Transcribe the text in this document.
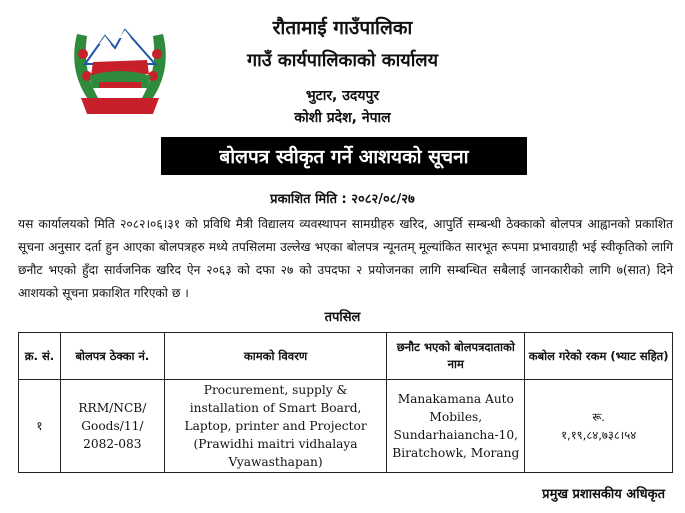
रौतामाई गाउँपालिका
गाउँ कार्यपालिकाको कार्यालय
भुटार, उदयपुर
कोशी प्रदेश, नेपाल
बोलपत्र स्वीकृत गर्ने आशयको सूचना
प्रकाशित मिति : २०८२/०८/२७
यस कार्यालयको मिति २०८२।०६।३१ को प्रविधि मैत्री विद्यालय व्यवस्थापन सामग्रीहरु खरिद, आपुर्ति सम्बन्धी ठेक्काको बोलपत्र आह्वानको प्रकाशित सूचना अनुसार दर्ता हुन आएका बोलपत्रहरु मध्ये तपसिलमा उल्लेख भएका बोलपत्र न्यूनतम् मूल्यांकित सारभूत रूपमा प्रभावग्राही भई स्वीकृतिको लागि छनौट भएको हुँदा सार्वजनिक खरिद ऐन २०६३ को दफा २७ को उपदफा २ प्रयोजनका लागि सम्बन्धित सबैलाई जानकारीको लागि ७(सात) दिने आशयको सूचना प्रकाशित गरिएको छ ।
तपसिल
क्र. सं.	बोलपत्र ठेक्का नं.	कामको विवरण	छनौट भएको बोलपत्रदाताको नाम	कबोल गरेको रकम (भ्याट सहित)
१	RRM/NCB/ Goods/11/ 2082-083	Procurement, supply & installation of Smart Board, Laptop, printer and Projector (Prawidhi maitri vidhalaya Vyawasthapan)	Manakamana Auto Mobiles, Sundarhaiancha-10, Biratchowk, Morang	रू.
१,१९,८४,७३८।५४
प्रमुख प्रशासकीय अधिकृत
